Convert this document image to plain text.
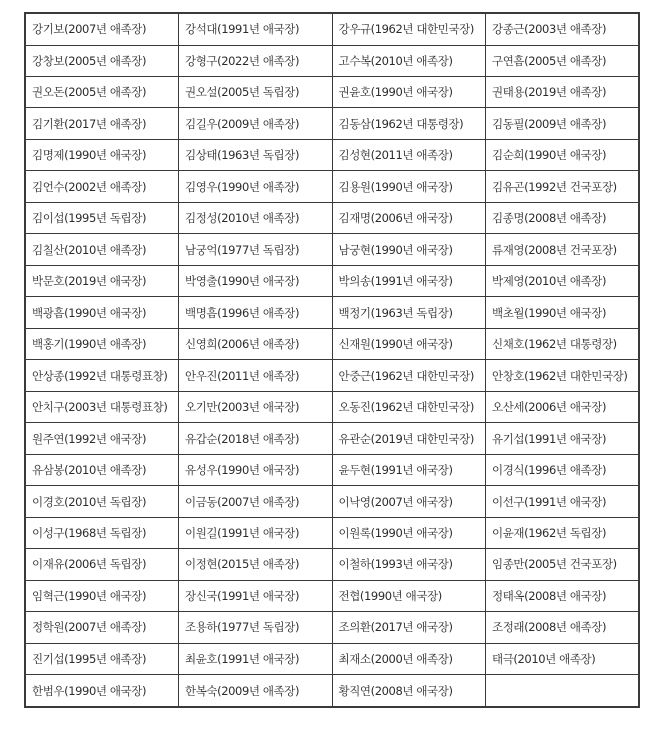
강기보(2007년 애족장)	강석대(1991년 애국장)	강우규(1962년 대한민국장)	강종근(2003년 애족장)
강창보(2005년 애족장)	강형구(2022년 애족장)	고수복(2010년 애족장)	구연흠(2005년 애족장)
권오돈(2005년 애족장)	권오설(2005년 독립장)	권윤호(1990년 애국장)	권태용(2019년 애족장)
김기환(2017년 애족장)	김길우(2009년 애족장)	김동삼(1962년 대통령장)	김동필(2009년 애족장)
김명제(1990년 애국장)	김상태(1963년 독립장)	김성현(2011년 애족장)	김순희(1990년 애국장)
김언수(2002년 애족장)	김영우(1990년 애족장)	김용원(1990년 애국장)	김유곤(1992년 건국포장)
김이섭(1995년 독립장)	김정성(2010년 애족장)	김재명(2006년 애국장)	김종명(2008년 애족장)
김칠산(2010년 애족장)	남궁억(1977년 독립장)	남궁현(1990년 애국장)	류재영(2008년 건국포장)
박문호(2019년 애국장)	박영출(1990년 애국장)	박의송(1991년 애국장)	박제영(2010년 애족장)
백광흠(1990년 애국장)	백명흠(1996년 애족장)	백정기(1963년 독립장)	백초월(1990년 애국장)
백홍기(1990년 애족장)	신영희(2006년 애족장)	신재원(1990년 애국장)	신채호(1962년 대통령장)
안상종(1992년 대통령표창)	안우진(2011년 애족장)	안중근(1962년 대한민국장)	안창호(1962년 대한민국장)
안치구(2003년 대통령표창)	오기만(2003년 애국장)	오동진(1962년 대한민국장)	오산세(2006년 애국장)
원주연(1992년 애국장)	유갑순(2018년 애족장)	유관순(2019년 대한민국장)	유기섭(1991년 애국장)
유삼봉(2010년 애족장)	유성우(1990년 애국장)	윤두현(1991년 애국장)	이경식(1996년 애족장)
이경호(2010년 독립장)	이금동(2007년 애족장)	이낙영(2007년 애국장)	이선구(1991년 애국장)
이성구(1968년 독립장)	이원길(1991년 애국장)	이원록(1990년 애국장)	이윤재(1962년 독립장)
이재유(2006년 독립장)	이정현(2015년 애족장)	이철하(1993년 애국장)	임종만(2005년 건국포장)
임혁근(1990년 애국장)	장신국(1991년 애국장)	전협(1990년 애국장)	정태옥(2008년 애국장)
정학원(2007년 애족장)	조용하(1977년 독립장)	조의환(2017년 애국장)	조정래(2008년 애족장)
진기섭(1995년 애족장)	최윤호(1991년 애국장)	최재소(2000년 애족장)	태극(2010년 애족장)
한범우(1990년 애국장)	한복숙(2009년 애족장)	황직연(2008년 애국장)	
